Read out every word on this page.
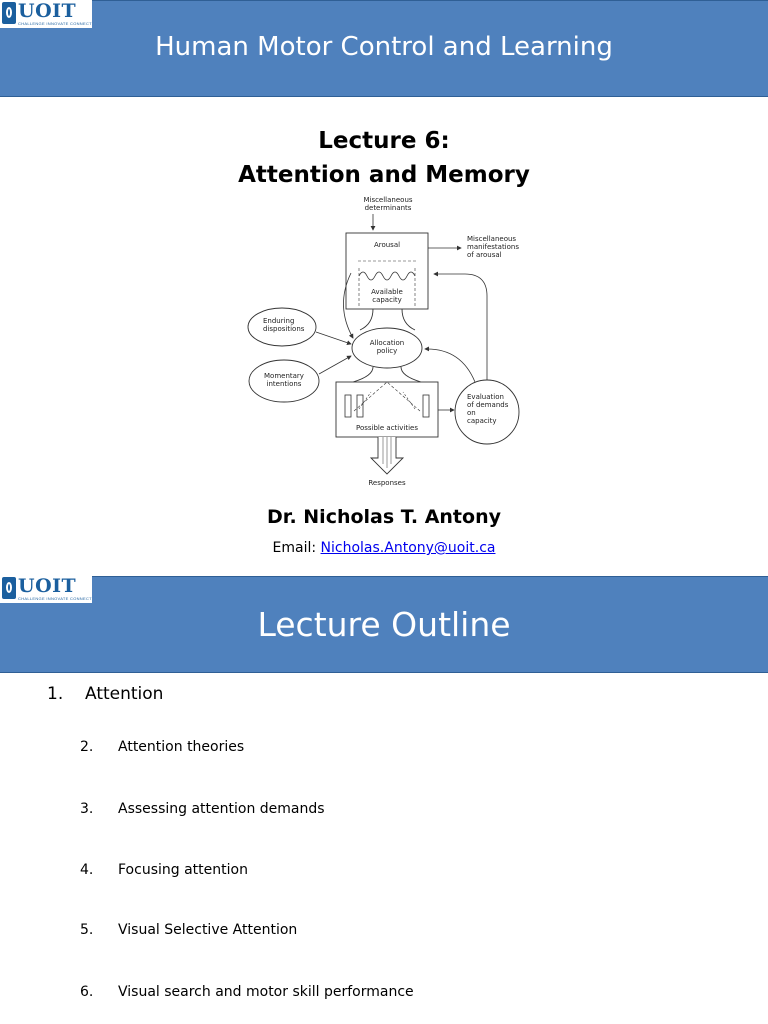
Human Motor Control and Learning
UOIT
CHALLENGE INNOVATE CONNECT
Lecture 6:
Attention and Memory
Miscellaneous determinants
Arousal
Available capacity
Miscellaneous manifestations of arousal
Enduring dispositions
Allocation policy
Momentary intentions
Possible activities
Evaluation of demands on capacity
Responses
Dr. Nicholas T. Antony
Email: Nicholas.Antony@uoit.ca
Lecture Outline
UOIT
CHALLENGE INNOVATE CONNECT
1. Attention
2. Attention theories
3. Assessing attention demands
4. Focusing attention
5. Visual Selective Attention
6. Visual search and motor skill performance
